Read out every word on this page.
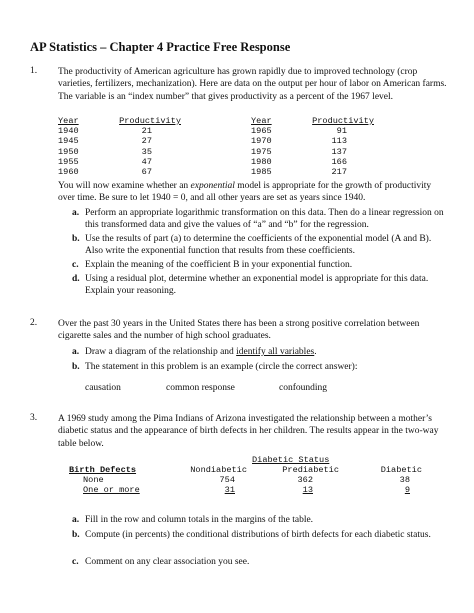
AP Statistics – Chapter 4 Practice Free Response
1. The productivity of American agriculture has grown rapidly due to improved technology (crop varieties, fertilizers, mechanization). Here are data on the output per hour of labor on American farms. The variable is an “index number” that gives productivity as a percent of the 1967 level.
Year	Productivity
1940	21
1945	27
1950	35
1955	47
1960	67
Year	Productivity
1965	91
1970	113
1975	137
1980	166
1985	217
You will now examine whether an exponential model is appropriate for the growth of productivity over time. Be sure to let 1940 = 0, and all other years are set as years since 1940.
a. Perform an appropriate logarithmic transformation on this data. Then do a linear regression on this transformed data and give the values of “a” and “b” for the regression.
b. Use the results of part (a) to determine the coefficients of the exponential model (A and B). Also write the exponential function that results from these coefficients.
c. Explain the meaning of the coefficient B in your exponential function.
d. Using a residual plot, determine whether an exponential model is appropriate for this data. Explain your reasoning.
2. Over the past 30 years in the United States there has been a strong positive correlation between cigarette sales and the number of high school graduates.
a. Draw a diagram of the relationship and identify all variables.
b. The statement in this problem is an example (circle the correct answer):
causation	common response	confounding
3. A 1969 study among the Pima Indians of Arizona investigated the relationship between a mother’s diabetic status and the appearance of birth defects in her children. The results appear in the two-way table below.
Diabetic Status
Birth Defects	Nondiabetic	Prediabetic	Diabetic
None	754	362	38
One or more	31	13	9
a. Fill in the row and column totals in the margins of the table.
b. Compute (in percents) the conditional distributions of birth defects for each diabetic status.
c. Comment on any clear association you see.
